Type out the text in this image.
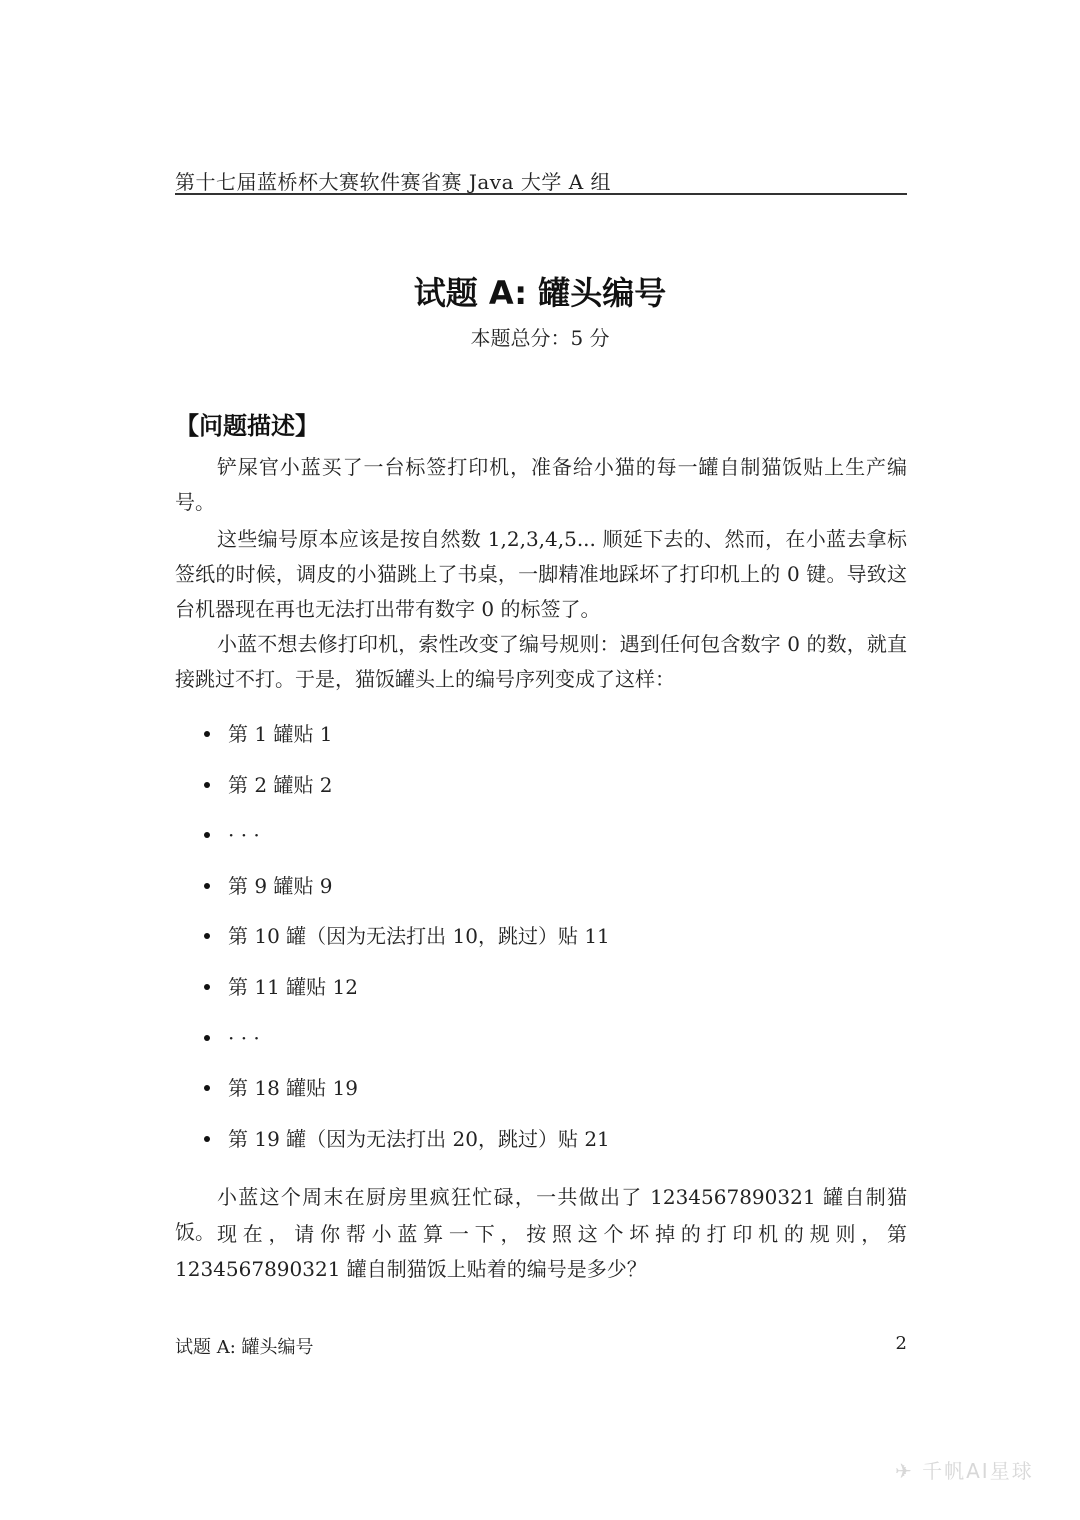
第十七届蓝桥杯大赛软件赛省赛 Java 大学 A 组
试题 A: 罐头编号
本题总分：5 分
【问题描述】
铲屎官小蓝买了一台标签打印机，准备给小猫的每一罐自制猫饭贴上生产编号。
这些编号原本应该是按自然数 1,2,3,4,5... 顺延下去的、然而，在小蓝去拿标签纸的时候，调皮的小猫跳上了书桌，一脚精准地踩坏了打印机上的 0 键。导致这台机器现在再也无法打出带有数字 0 的标签了。
小蓝不想去修打印机，索性改变了编号规则：遇到任何包含数字 0 的数，就直接跳过不打。于是，猫饭罐头上的编号序列变成了这样：
第 1 罐贴 1
第 2 罐贴 2
· · ·
第 9 罐贴 9
第 10 罐（因为无法打出 10，跳过）贴 11
第 11 罐贴 12
· · ·
第 18 罐贴 19
第 19 罐（因为无法打出 20，跳过）贴 21
小蓝这个周末在厨房里疯狂忙碌，一共做出了 1234567890321 罐自制猫饭。 现在，请你帮小蓝算一下，按照这个坏掉的打印机的规则，第 1234567890321 罐自制猫饭上贴着的编号是多少？
试题 A: 罐头编号	2
✈ 千帆AI星球
